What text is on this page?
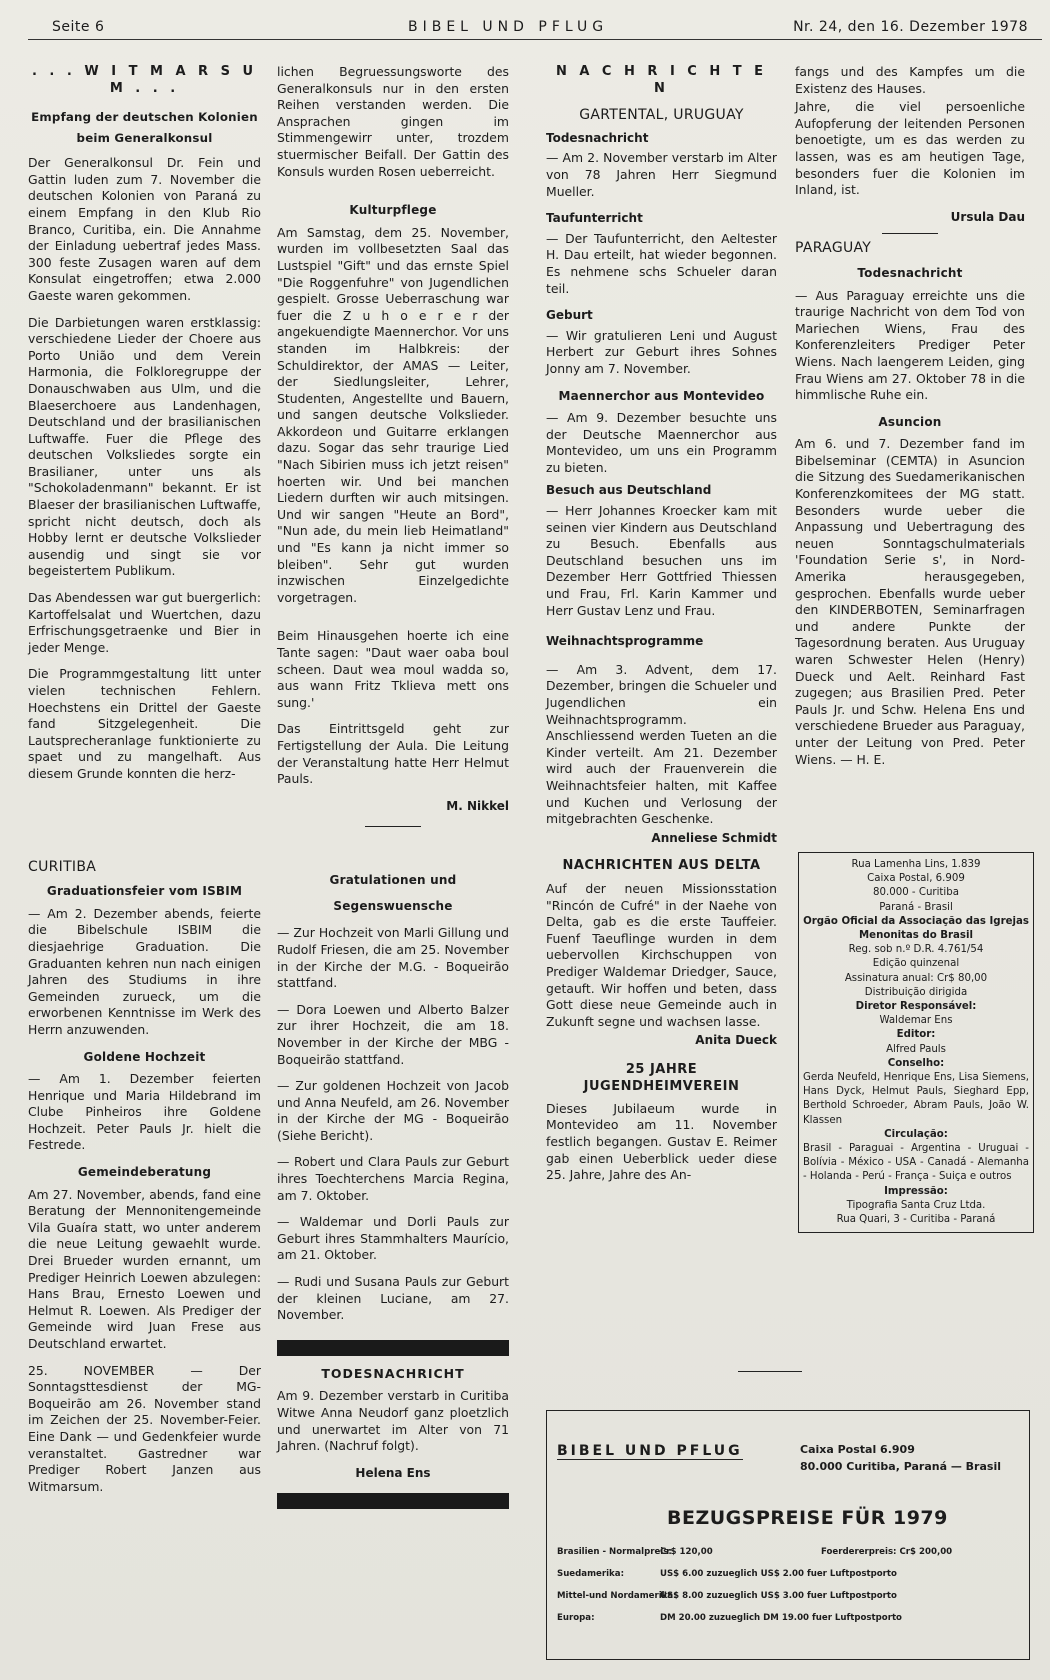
Seite 6	BIBEL UND PFLUG	Nr. 24, den 16. Dezember 1978
. . . W I T M A R S U M . . .
Empfang der deutschen Kolonien beim Generalkonsul

Der Generalkonsul Dr. Fein und Gattin luden zum 7. November die deutschen Kolonien von Paraná zu einem Empfang in den Klub Rio Branco, Curitiba, ein. Die Annahme der Einladung uebertraf jedes Mass. 300 feste Zusagen waren auf dem Konsulat eingetroffen; etwa 2.000 Gaeste waren gekommen.

Die Darbietungen waren erstklassig: verschiedene Lieder der Choere aus Porto União und dem Verein Harmonia, die Folkloregruppe der Donauschwaben aus Ulm, und die Blaeserchoere aus Landenhagen, Deutschland und der brasilianischen Luftwaffe. Fuer die Pflege des deutschen Volksliedes sorgte ein Brasilianer, unter uns als "Schokoladenmann" bekannt. Er ist Blaeser der brasilianischen Luftwaffe, spricht nicht deutsch, doch als Hobby lernt er deutsche Volkslieder ausendig und singt sie vor begeistertem Publikum.

Das Abendessen war gut buergerlich: Kartoffelsalat und Wuertchen, dazu Erfrischungsgetraenke und Bier in jeder Menge.

Die Programmgestaltung litt unter vielen technischen Fehlern. Hoechstens ein Drittel der Gaeste fand Sitzgelegenheit. Die Lautsprecheranlage funktionierte zu spaet und zu mangelhaft. Aus diesem Grunde konnten die herz-

CURITIBA
Graduationsfeier vom ISBIM

— Am 2. Dezember abends, feierte die Bibelschule ISBIM die diesjaehrige Graduation. Die Graduanten kehren nun nach einigen Jahren des Studiums in ihre Gemeinden zurueck, um die erworbenen Kenntnisse im Werk des Herrn anzuwenden.

Goldene Hochzeit

— Am 1. Dezember feierten Henrique und Maria Hildebrand im Clube Pinheiros ihre Goldene Hochzeit. Peter Pauls Jr. hielt die Festrede.

Gemeindeberatung

Am 27. November, abends, fand eine Beratung der Mennonitengemeinde Vila Guaíra statt, wo unter anderem die neue Leitung gewaehlt wurde. Drei Brueder wurden ernannt, um Prediger Heinrich Loewen abzulegen: Hans Brau, Ernesto Loewen und Helmut R. Loewen. Als Prediger der Gemeinde wird Juan Frese aus Deutschland erwartet.

25. NOVEMBER — Der Sonntagsttesdienst der MG-Boqueirão am 26. November stand im Zeichen der 25. November-Feier. Eine Dank — und Gedenkfeier wurde veranstaltet. Gastredner war Prediger Robert Janzen aus Witmarsum.

lichen Begruessungsworte des Generalkonsuls nur in den ersten Reihen verstanden werden. Die Ansprachen gingen im Stimmengewirr unter, trozdem stuermischer Beifall. Der Gattin des Konsuls wurden Rosen ueberreicht.

Kulturpflege

Am Samstag, dem 25. November, wurden im vollbesetzten Saal das Lustspiel "Gift" und das ernste Spiel "Die Roggenfuhre" von Jugendlichen gespielt. Grosse Ueberraschung war fuer die Z u h o e r e r der angekuendigte Maennerchor. Vor uns standen im Halbkreis: der Schuldirektor, der AMAS — Leiter, der Siedlungsleiter, Lehrer, Studenten, Angestellte und Bauern, und sangen deutsche Volkslieder. Akkordeon und Guitarre erklangen dazu. Sogar das sehr traurige Lied "Nach Sibirien muss ich jetzt reisen" hoerten wir. Und bei manchen Liedern durften wir auch mitsingen. Und wir sangen "Heute an Bord", "Nun ade, du mein lieb Heimatland" und "Es kann ja nicht immer so bleiben". Sehr gut wurden inzwischen Einzelgedichte vorgetragen.

Beim Hinausgehen hoerte ich eine Tante sagen: "Daut waer oaba boul scheen. Daut wea moul wadda so, aus wann Fritz Tklieva mett ons sung.'

Das Eintrittsgeld geht zur Fertigstellung der Aula. Die Leitung der Veranstaltung hatte Herr Helmut Pauls.

M. Nikkel
Gratulationen und Segenswuensche

— Zur Hochzeit von Marli Gillung und Rudolf Friesen, die am 25. November in der Kirche der M.G. - Boqueirão stattfand.

— Dora Loewen und Alberto Balzer zur ihrer Hochzeit, die am 18. November in der Kirche der MBG - Boqueirão stattfand.

— Zur goldenen Hochzeit von Jacob und Anna Neufeld, am 26. November in der Kirche der MG - Boqueirão (Siehe Bericht).

— Robert und Clara Pauls zur Geburt ihres Toechterchens Marcia Regina, am 7. Oktober.

— Waldemar und Dorli Pauls zur Geburt ihres Stammhalters Maurício, am 21. Oktober.

— Rudi und Susana Pauls zur Geburt der kleinen Luciane, am 27. November.

TODESNACHRICHT

Am 9. Dezember verstarb in Curitiba Witwe Anna Neudorf ganz ploetzlich und unerwartet im Alter von 71 Jahren. (Nachruf folgt).

Helena Ens
N A C H R I C H T E N
GARTENTAL, URUGUAY
Todesnachricht

— Am 2. November verstarb im Alter von 78 Jahren Herr Siegmund Mueller.

Taufunterricht

— Der Taufunterricht, den Aeltester H. Dau erteilt, hat wieder begonnen. Es nehmene schs Schueler daran teil.

Geburt

— Wir gratulieren Leni und August Herbert zur Geburt ihres Sohnes Jonny am 7. November.

Maennerchor aus Montevideo

— Am 9. Dezember besuchte uns der Deutsche Maennerchor aus Montevideo, um uns ein Programm zu bieten.

Besuch aus Deutschland

— Herr Johannes Kroecker kam mit seinen vier Kindern aus Deutschland zu Besuch. Ebenfalls aus Deutschland besuchen uns im Dezember Herr Gottfried Thiessen und Frau, Frl. Karin Kammer und Herr Gustav Lenz und Frau.

Weihnachtsprogramme

— Am 3. Advent, dem 17. Dezember, bringen die Schueler und Jugendlichen ein Weihnachtsprogramm. Anschliessend werden Tueten an die Kinder verteilt. Am 21. Dezember wird auch der Frauenverein die Weihnachtsfeier halten, mit Kaffee und Kuchen und Verlosung der mitgebrachten Geschenke.

Anneliese Schmidt
NACHRICHTEN AUS DELTA

Auf der neuen Missionsstation "Rincón de Cufré" in der Naehe von Delta, gab es die erste Tauffeier. Fuenf Taeuflinge wurden in dem uebervollen Kirchschuppen von Prediger Waldemar Driedger, Sauce, getauft. Wir hoffen und beten, dass Gott diese neue Gemeinde auch in Zukunft segne und wachsen lasse.

Anita Dueck
25 JAHRE JUGENDHEIMVEREIN

Dieses Jubilaeum wurde in Montevideo am 11. November festlich begangen. Gustav E. Reimer gab einen Ueberblick ueder diese 25. Jahre, Jahre des An-

fangs und des Kampfes um die Existenz des Hauses.

Jahre, die viel persoenliche Aufopferung der leitenden Personen benoetigte, um es das werden zu lassen, was es am heutigen Tage, besonders fuer die Kolonien im Inland, ist.

Ursula Dau
PARAGUAY
Todesnachricht

— Aus Paraguay erreichte uns die traurige Nachricht von dem Tod von Mariechen Wiens, Frau des Konferenzleiters Prediger Peter Wiens. Nach laengerem Leiden, ging Frau Wiens am 27. Oktober 78 in die himmlische Ruhe ein.

Asuncion

Am 6. und 7. Dezember fand im Bibelseminar (CEMTA) in Asuncion die Sitzung des Suedamerikanischen Konferenzkomitees der MG statt. Besonders wurde ueber die Anpassung und Uebertragung des neuen Sonntagschulmaterials 'Foundation Serie s', in Nord-Amerika herausgegeben, gesprochen. Ebenfalls wurde ueber den KINDERBOTEN, Seminarfragen und andere Punkte der Tagesordnung beraten. Aus Uruguay waren Schwester Helen (Henry) Dueck und Aelt. Reinhard Fast zugegen; aus Brasilien Pred. Peter Pauls Jr. und Schw. Helena Ens und verschiedene Brueder aus Paraguay, unter der Leitung von Pred. Peter Wiens. — H. E.

Rua Lamenha Lins, 1.839
Caixa Postal, 6.909
80.000 - Curitiba
Paraná - Brasil
Orgão Oficial da Associação das Igrejas Menonitas do Brasil
Reg. sob n.º D.R. 4.761/54
Edição quinzenal
Assinatura anual: Cr$ 80,00
Distribuição dirigida
Diretor Responsável:
Waldemar Ens
Editor:
Alfred Pauls
Conselho:
Gerda Neufeld, Henrique Ens, Lisa Siemens, Hans Dyck, Helmut Pauls, Sieghard Epp, Berthold Schroeder, Abram Pauls, João W. Klassen
Circulação:
Brasil - Paraguai - Argentina - Uruguai - Bolívia - México - USA - Canadá - Alemanha - Holanda - Perú - França - Suiça e outros
Impressão:
Tipografia Santa Cruz Ltda.
Rua Quari, 3 - Curitiba - Paraná
BIBEL UND PFLUG	Caixa Postal 6.909
80.000 Curitiba, Paraná — Brasil
BEZUGSPREISE FÜR 1979
Brasilien - Normalpreis: Cr$ 120,00	Foerdererpreis: Cr$ 200,00
Suedamerika:	US$ 6.00 zuzueglich US$ 2.00 fuer Luftpostporto
Mittel-und Nordamerika: US$ 8.00 zuzueglich US$ 3.00 fuer Luftpostporto
Europa:	DM 20.00 zuzueglich DM 19.00 fuer Luftpostporto
